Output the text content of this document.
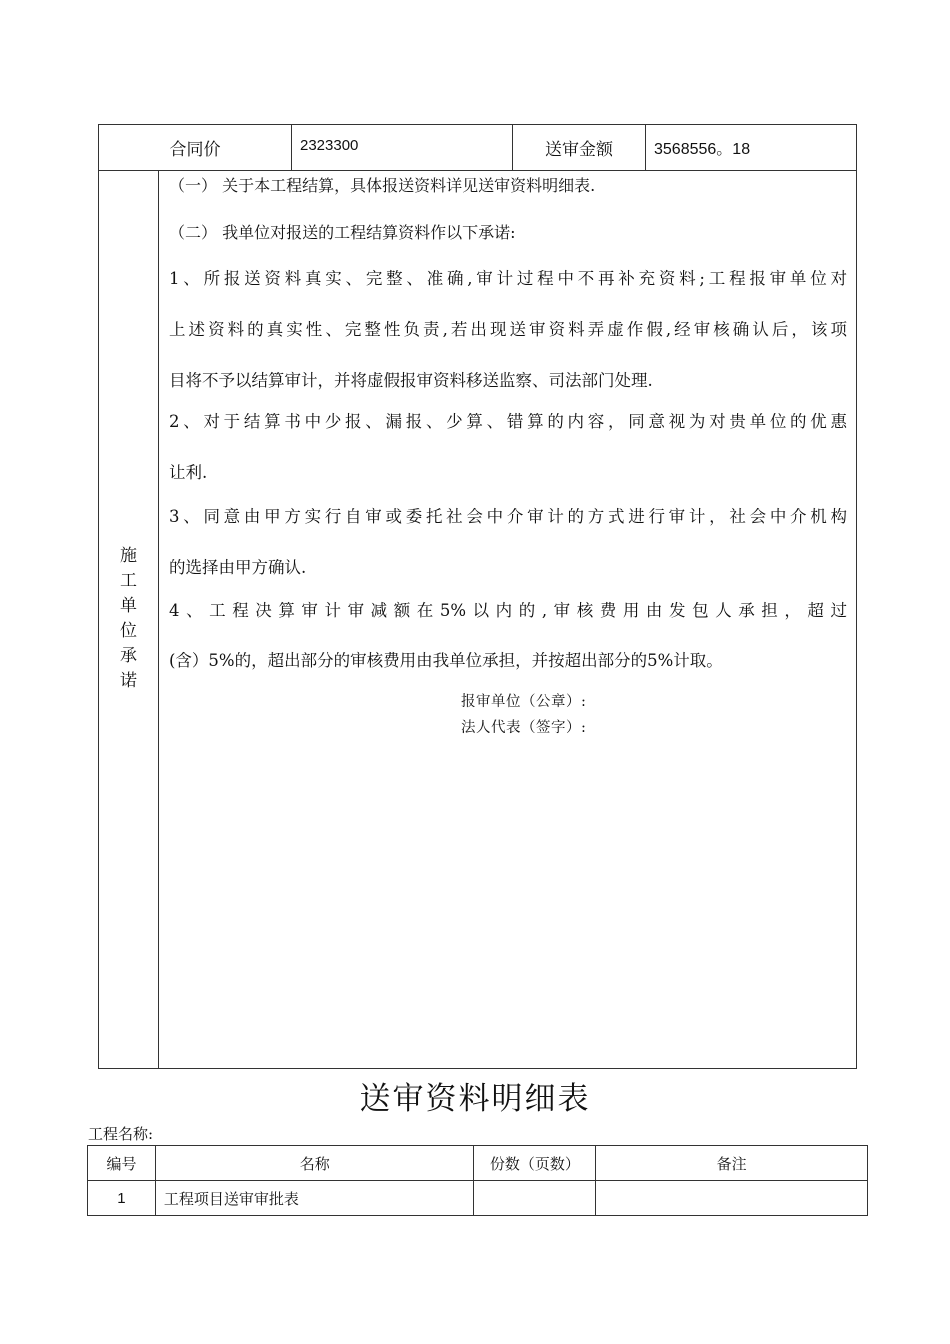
合同价	2323300	送审金额	3568556。18
施工单位承诺
（一） 关于本工程结算，具体报送资料详见送审资料明细表.
（二） 我单位对报送的工程结算资料作以下承诺:
1、所报送资料真实、完整、准确,审计过程中不再补充资料;工程报审单位对
上述资料的真实性、完整性负责,若出现送审资料弄虚作假,经审核确认后，该项
目将不予以结算审计，并将虚假报审资料移送监察、司法部门处理.
2、对于结算书中少报、漏报、少算、错算的内容，同意视为对贵单位的优惠
让利.
3、同意由甲方实行自审或委托社会中介审计的方式进行审计，社会中介机构
的选择由甲方确认.
4、工程决算审计审减额在5%以内的,审核费用由发包人承担，超过
(含）5%的，超出部分的审核费用由我单位承担，并按超出部分的5%计取。
报审单位（公章）:
法人代表（签字）:
送审资料明细表
工程名称:
编号	名称	份数（页数）	备注
1	工程项目送审审批表		
